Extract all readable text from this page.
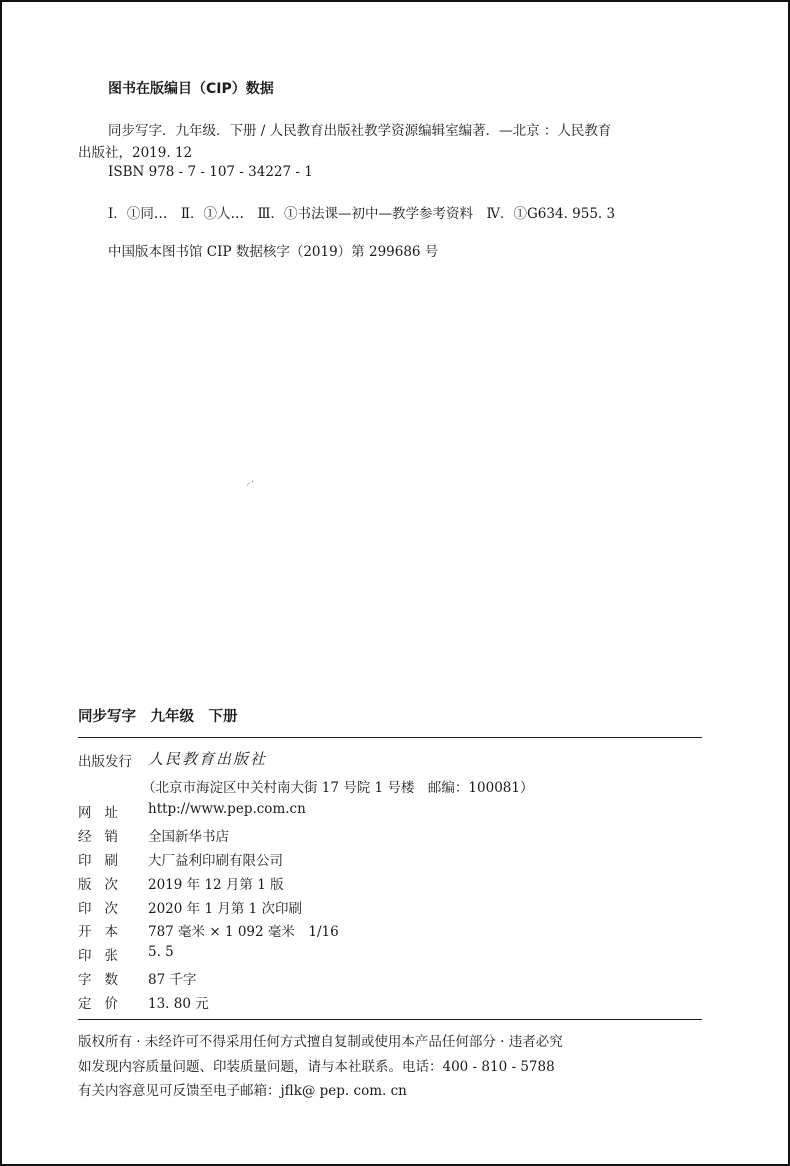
图书在版编目（CIP）数据
同步写字．九年级．下册 / 人民教育出版社教学资源编辑室编著．—北京 ：人民教育
出版社，2019. 12
ISBN 978 - 7 - 107 - 34227 - 1
Ⅰ．①同…　Ⅱ．①人…　Ⅲ．①书法课—初中—教学参考资料　Ⅳ．①G634. 955. 3
中国版本图书馆 CIP 数据核字（2019）第 299686 号
⸝·
同步写字　九年级　下册
出版发行 人民教育出版社
（北京市海淀区中关村南大街 17 号院 1 号楼　邮编：100081）
网 址 http://www.pep.com.cn
经 销 全国新华书店
印 刷 大厂益利印刷有限公司
版 次 2019 年 12 月第 1 版
印 次 2020 年 1 月第 1 次印刷
开 本 787 毫米 × 1 092 毫米　1/16
印 张 5. 5
字 数 87 千字
定 价 13. 80 元
版权所有 · 未经许可不得采用任何方式擅自复制或使用本产品任何部分 · 违者必究
如发现内容质量问题、印装质量问题，请与本社联系。电话：400 - 810 - 5788
有关内容意见可反馈至电子邮箱：jflk@ pep. com. cn
